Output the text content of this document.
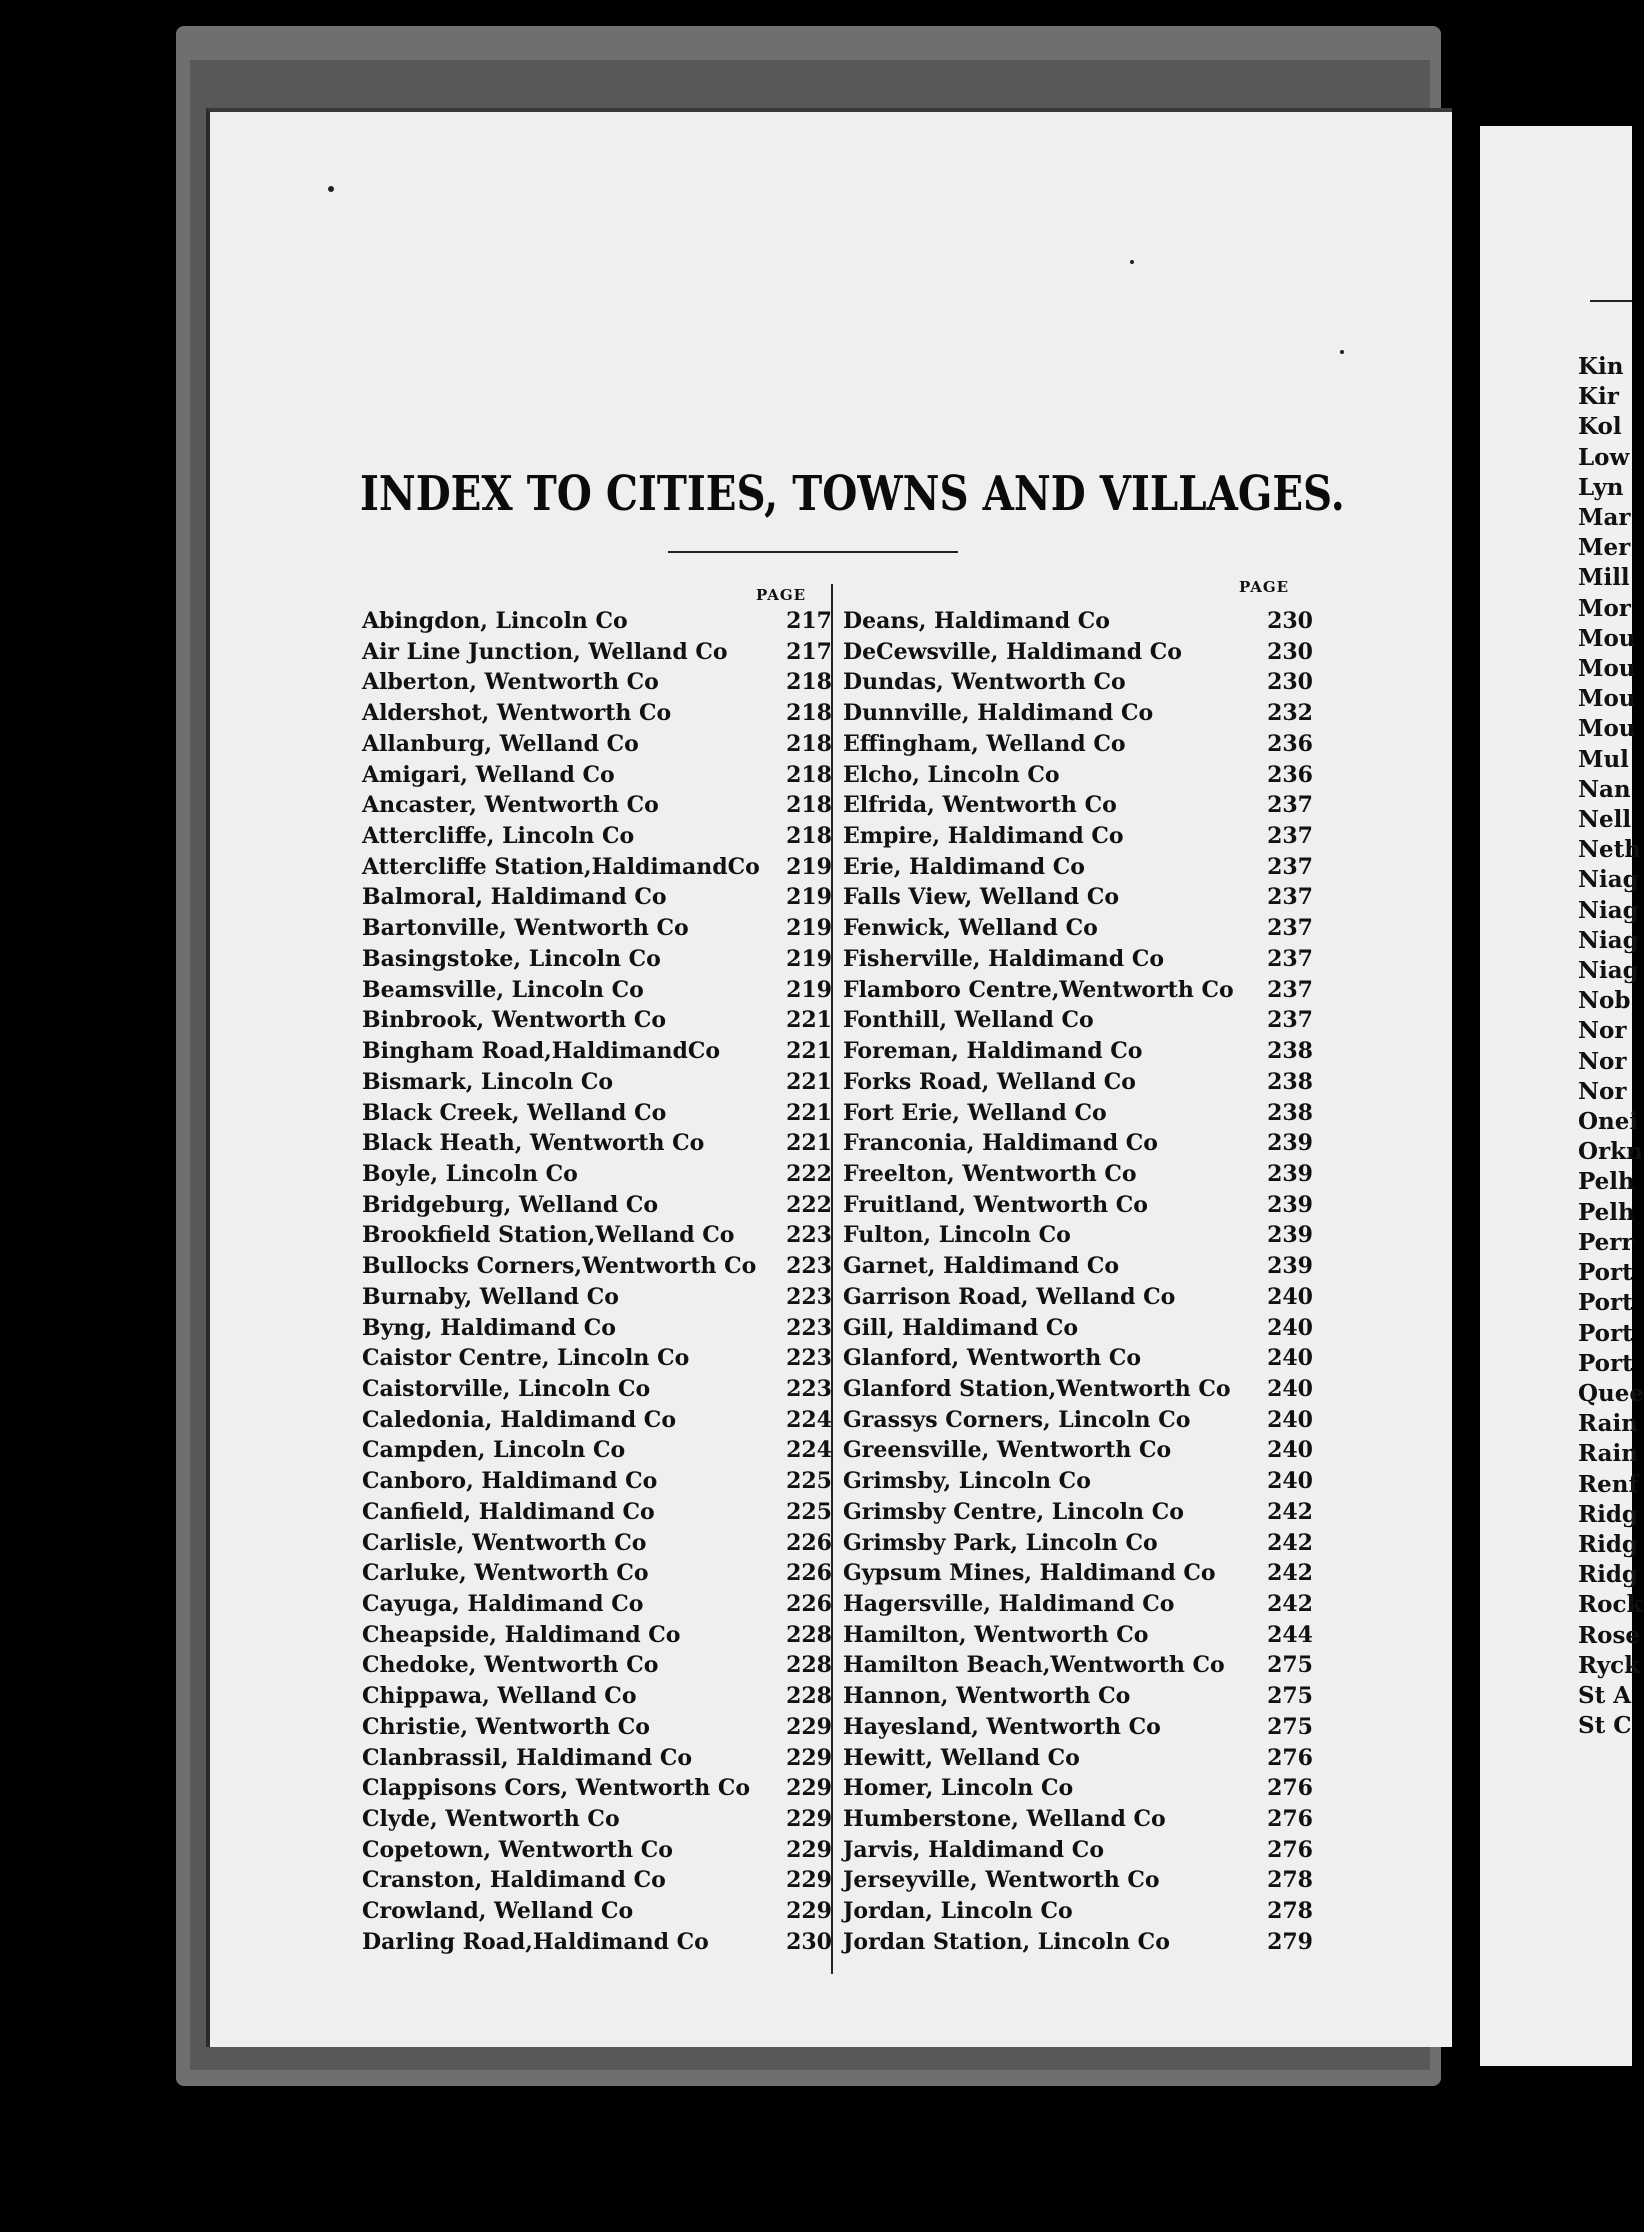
Kin
Kir
Kol
Low
Lyn
Mar
Mer
Mill
Mor
Mou
Mou
Mou
Mou
Mul
Nan
Nell
Neth
Niag
Niag
Niag
Niag
Nob
Nor
Nor
Nor
Onei
Orkn
Pelh
Pelh
Perr
Port
Port
Port
Port
Quee
Rain
Rain
Renf
Ridg
Ridg
Ridg
Rock
Rose
Ryck
St A
St C
INDEX TO CITIES, TOWNS AND VILLAGES.
PAGE	PAGE
Abingdon, Lincoln Co	217
Air Line Junction, Welland Co	217
Alberton, Wentworth Co	218
Aldershot, Wentworth Co	218
Allanburg, Welland Co	218
Amigari, Welland Co	218
Ancaster, Wentworth Co	218
Attercliffe, Lincoln Co	218
Attercliffe Station,HaldimandCo 219
Balmoral, Haldimand Co	219
Bartonville, Wentworth Co	219
Basingstoke, Lincoln Co	219
Beamsville, Lincoln Co	219
Binbrook, Wentworth Co	221
Bingham Road,HaldimandCo	221
Bismark, Lincoln Co	221
Black Creek, Welland Co	221
Black Heath, Wentworth Co	221
Boyle, Lincoln Co	222
Bridgeburg, Welland Co	222
Brookfield Station,Welland Co 223
Bullocks Corners,Wentworth Co 223
Burnaby, Welland Co	223
Byng, Haldimand Co	223
Caistor Centre, Lincoln Co	223
Caistorville, Lincoln Co	223
Caledonia, Haldimand Co	224
Campden, Lincoln Co	224
Canboro, Haldimand Co	225
Canfield, Haldimand Co	225
Carlisle, Wentworth Co	226
Carluke, Wentworth Co	226
Cayuga, Haldimand Co	226
Cheapside, Haldimand Co	228
Chedoke, Wentworth Co	228
Chippawa, Welland Co	228
Christie, Wentworth Co	229
Clanbrassil, Haldimand Co	229
Clappisons Cors, Wentworth Co 229
Clyde, Wentworth Co	229
Copetown, Wentworth Co	229
Cranston, Haldimand Co	229
Crowland, Welland Co	229
Darling Road,Haldimand Co	230
Deans, Haldimand Co	230
DeCewsville, Haldimand Co	230
Dundas, Wentworth Co	230
Dunnville, Haldimand Co	232
Effingham, Welland Co	236
Elcho, Lincoln Co	236
Elfrida, Wentworth Co	237
Empire, Haldimand Co	237
Erie, Haldimand Co	237
Falls View, Welland Co	237
Fenwick, Welland Co	237
Fisherville, Haldimand Co	237
Flamboro Centre,Wentworth Co 237
Fonthill, Welland Co	237
Foreman, Haldimand Co	238
Forks Road, Welland Co	238
Fort Erie, Welland Co	238
Franconia, Haldimand Co	239
Freelton, Wentworth Co	239
Fruitland, Wentworth Co	239
Fulton, Lincoln Co	239
Garnet, Haldimand Co	239
Garrison Road, Welland Co	240
Gill, Haldimand Co	240
Glanford, Wentworth Co	240
Glanford Station,Wentworth Co 240
Grassys Corners, Lincoln Co	240
Greensville, Wentworth Co	240
Grimsby, Lincoln Co	240
Grimsby Centre, Lincoln Co	242
Grimsby Park, Lincoln Co	242
Gypsum Mines, Haldimand Co 242
Hagersville, Haldimand Co	242
Hamilton, Wentworth Co	244
Hamilton Beach,Wentworth Co 275
Hannon, Wentworth Co	275
Hayesland, Wentworth Co	275
Hewitt, Welland Co	276
Homer, Lincoln Co	276
Humberstone, Welland Co	276
Jarvis, Haldimand Co	276
Jerseyville, Wentworth Co	278
Jordan, Lincoln Co	278
Jordan Station, Lincoln Co	279
